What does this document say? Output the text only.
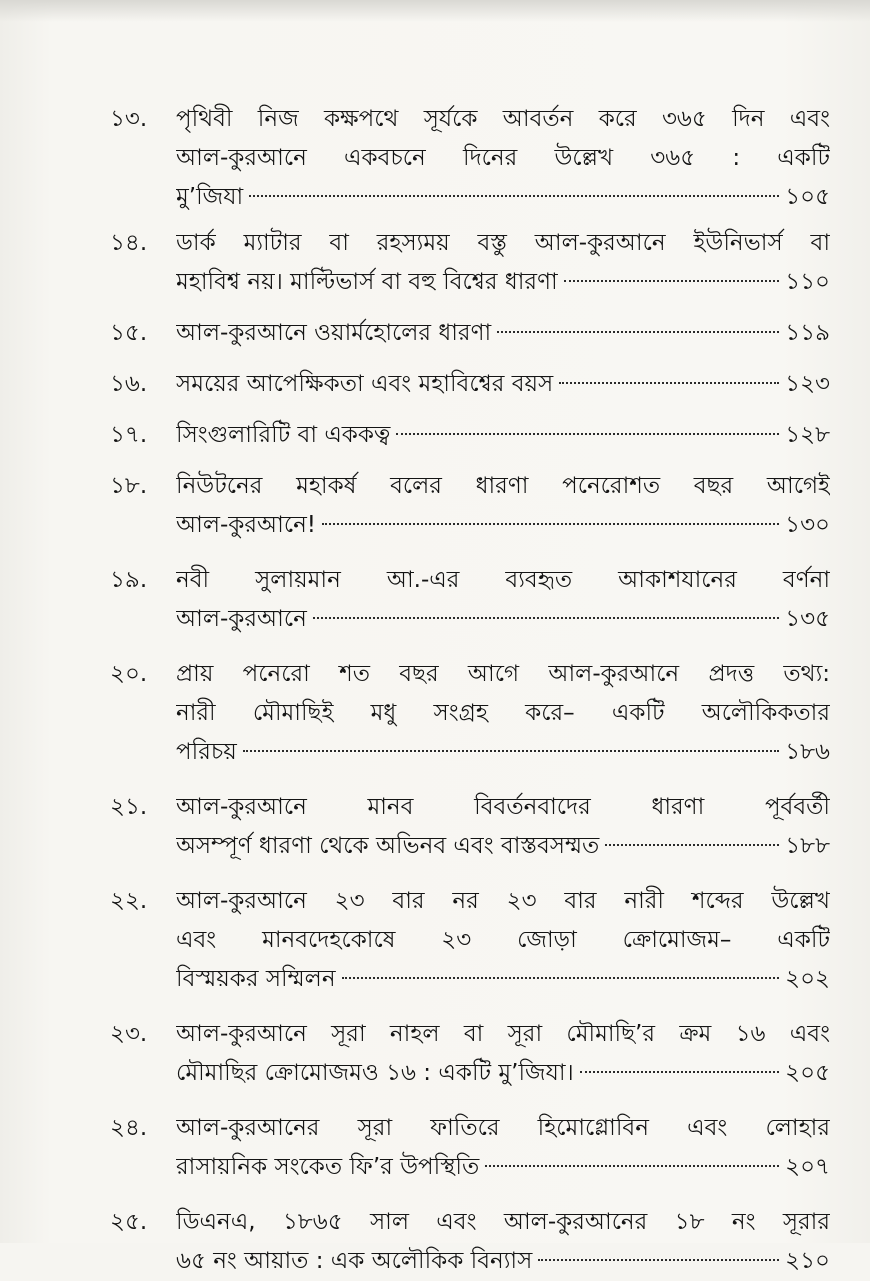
১৩.	পৃথিবী নিজ কক্ষপথে সূর্যকে আবর্তন করে ৩৬৫ দিন এবং
আল-কুরআনে একবচনে দিনের উল্লেখ ৩৬৫ : একটি
মু’জিযা	১০৫
১৪.	ডার্ক ম্যাটার বা রহস্যময় বস্তু আল-কুরআনে ইউনিভার্স বা
মহাবিশ্ব নয়। মাল্টিভার্স বা বহু বিশ্বের ধারণা	১১০
১৫.	আল-কুরআনে ওয়ার্মহোলের ধারণা	১১৯
১৬.	সময়ের আপেক্ষিকতা এবং মহাবিশ্বের বয়স	১২৩
১৭.	সিংগুলারিটি বা এককত্ব	১২৮
১৮.	নিউটনের মহাকর্ষ বলের ধারণা পনেরোশত বছর আগেই
আল-কুরআনে!	১৩০
১৯.	নবী সুলায়মান আ.-এর ব্যবহৃত আকাশযানের বর্ণনা
আল-কুরআনে	১৩৫
২০.	প্রায় পনেরো শত বছর আগে আল-কুরআনে প্রদত্ত তথ্য:
নারী মৌমাছিই মধু সংগ্রহ করে– একটি অলৌকিকতার
পরিচয়	১৮৬
২১.	আল-কুরআনে মানব বিবর্তনবাদের ধারণা পূর্ববর্তী
অসম্পূর্ণ ধারণা থেকে অভিনব এবং বাস্তবসম্মত	১৮৮
২২.	আল-কুরআনে ২৩ বার নর ২৩ বার নারী শব্দের উল্লেখ
এবং মানবদেহকোষে ২৩ জোড়া ক্রোমোজম– একটি
বিস্ময়কর সম্মিলন	২০২
২৩.	আল-কুরআনে সূরা নাহল বা সূরা মৌমাছি’র ক্রম ১৬ এবং
মৌমাছির ক্রোমোজমও ১৬ : একটি মু’জিযা।	২০৫
২৪.	আল-কুরআনের সূরা ফাতিরে হিমোগ্লোবিন এবং লোহার
রাসায়নিক সংকেত ফি’র উপস্থিতি	২০৭
২৫.	ডিএনএ, ১৮৬৫ সাল এবং আল-কুরআনের ১৮ নং সূরার
৬৫ নং আয়াত : এক অলৌকিক বিন্যাস	২১০
